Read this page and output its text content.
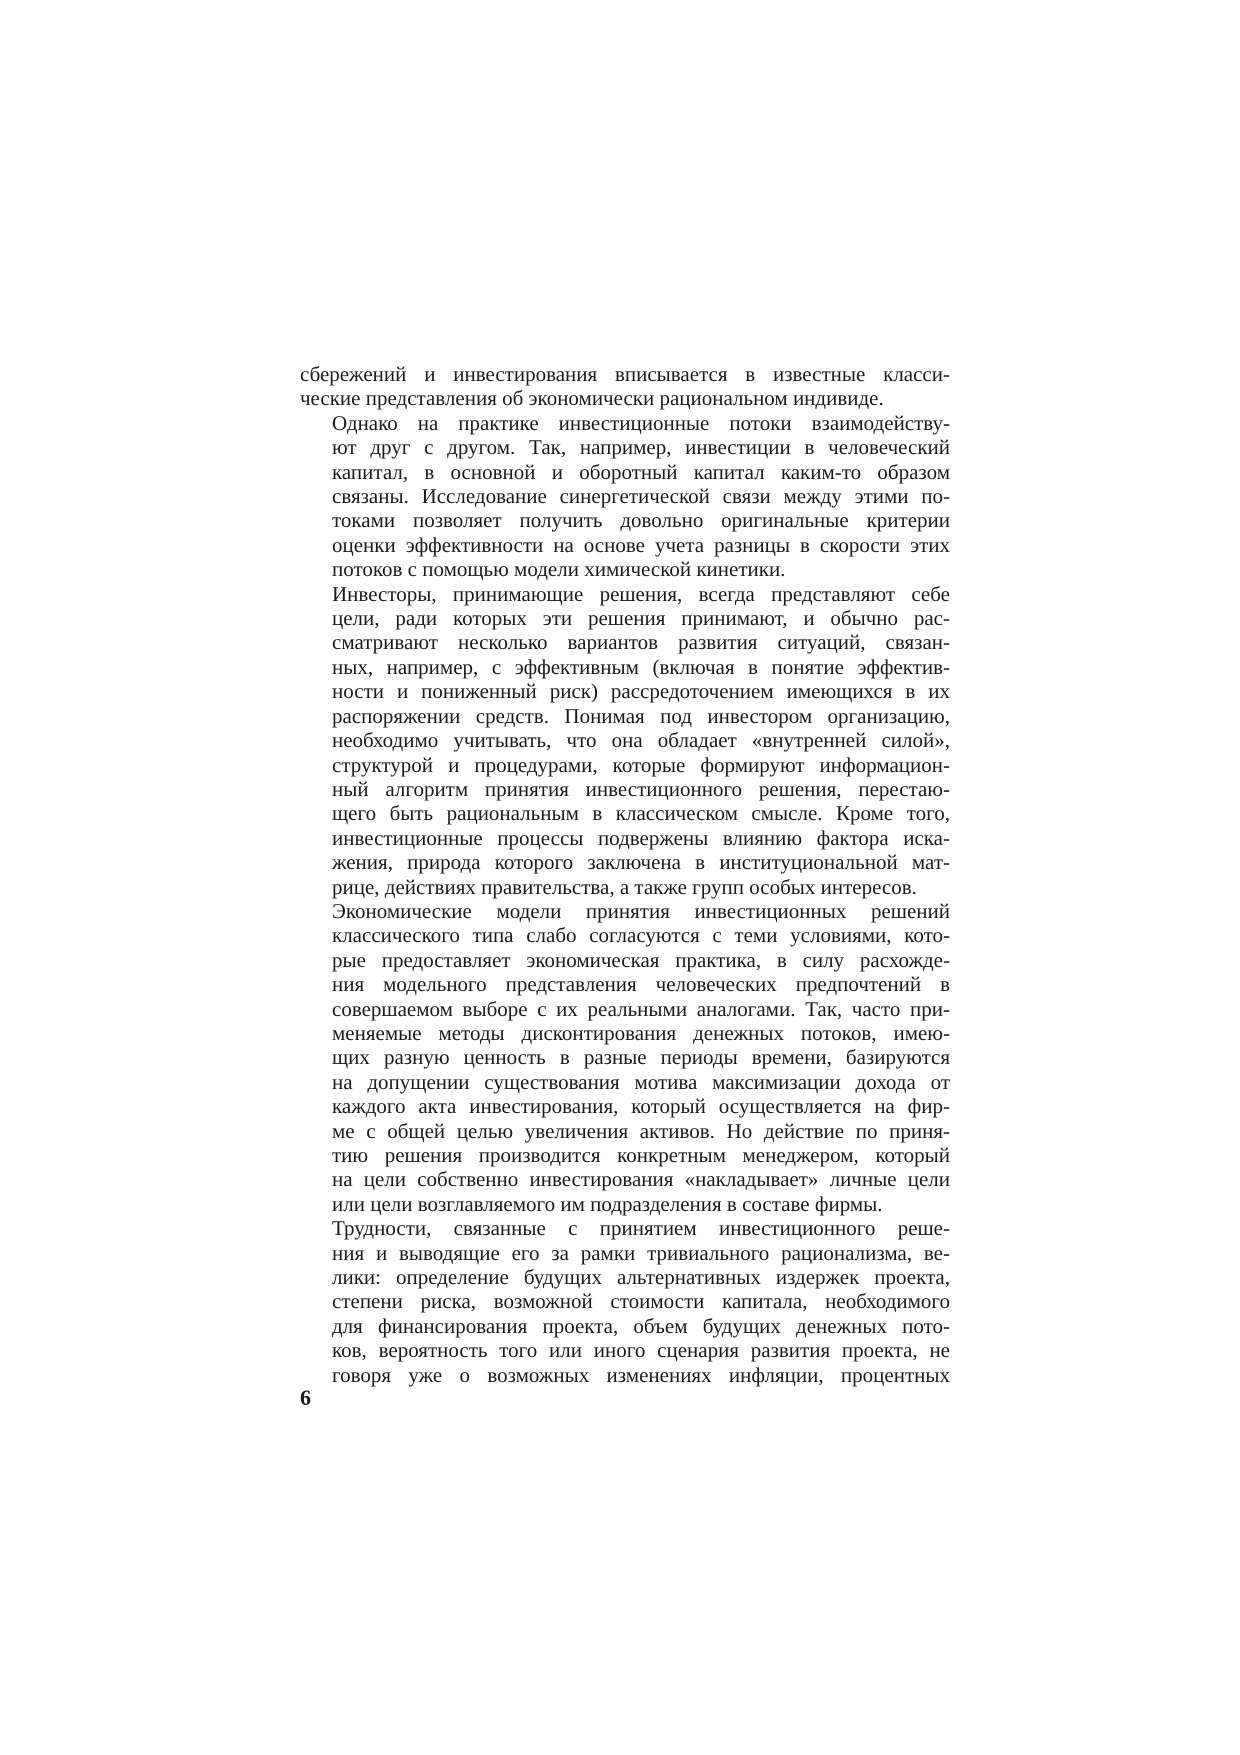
сбережений и инвестирования вписывается в известные класси-
ческие представления об экономически рациональном индивиде.
Однако на практике инвестиционные потоки взаимодейству-
ют друг с другом. Так, например, инвестиции в человеческий
капитал, в основной и оборотный капитал каким-то образом
связаны. Исследование синергетической связи между этими по-
токами позволяет получить довольно оригинальные критерии
оценки эффективности на основе учета разницы в скорости этих
потоков с помощью модели химической кинетики.
Инвесторы, принимающие решения, всегда представляют себе
цели, ради которых эти решения принимают, и обычно рас-
сматривают несколько вариантов развития ситуаций, связан-
ных, например, с эффективным (включая в понятие эффектив-
ности и пониженный риск) рассредоточением имеющихся в их
распоряжении средств. Понимая под инвестором организацию,
необходимо учитывать, что она обладает «внутренней силой»,
структурой и процедурами, которые формируют информацион-
ный алгоритм принятия инвестиционного решения, перестаю-
щего быть рациональным в классическом смысле. Кроме того,
инвестиционные процессы подвержены влиянию фактора иска-
жения, природа которого заключена в институциональной мат-
рице, действиях правительства, а также групп особых интересов.
Экономические модели принятия инвестиционных решений
классического типа слабо согласуются с теми условиями, кото-
рые предоставляет экономическая практика, в силу расхожде-
ния модельного представления человеческих предпочтений в
совершаемом выборе с их реальными аналогами. Так, часто при-
меняемые методы дисконтирования денежных потоков, имею-
щих разную ценность в разные периоды времени, базируются
на допущении существования мотива максимизации дохода от
каждого акта инвестирования, который осуществляется на фир-
ме с общей целью увеличения активов. Но действие по приня-
тию решения производится конкретным менеджером, который
на цели собственно инвестирования «накладывает» личные цели
или цели возглавляемого им подразделения в составе фирмы.
Трудности, связанные с принятием инвестиционного реше-
ния и выводящие его за рамки тривиального рационализма, ве-
лики: определение будущих альтернативных издержек проекта,
степени риска, возможной стоимости капитала, необходимого
для финансирования проекта, объем будущих денежных пото-
ков, вероятность того или иного сценария развития проекта, не
говоря уже о возможных изменениях инфляции, процентных
6
